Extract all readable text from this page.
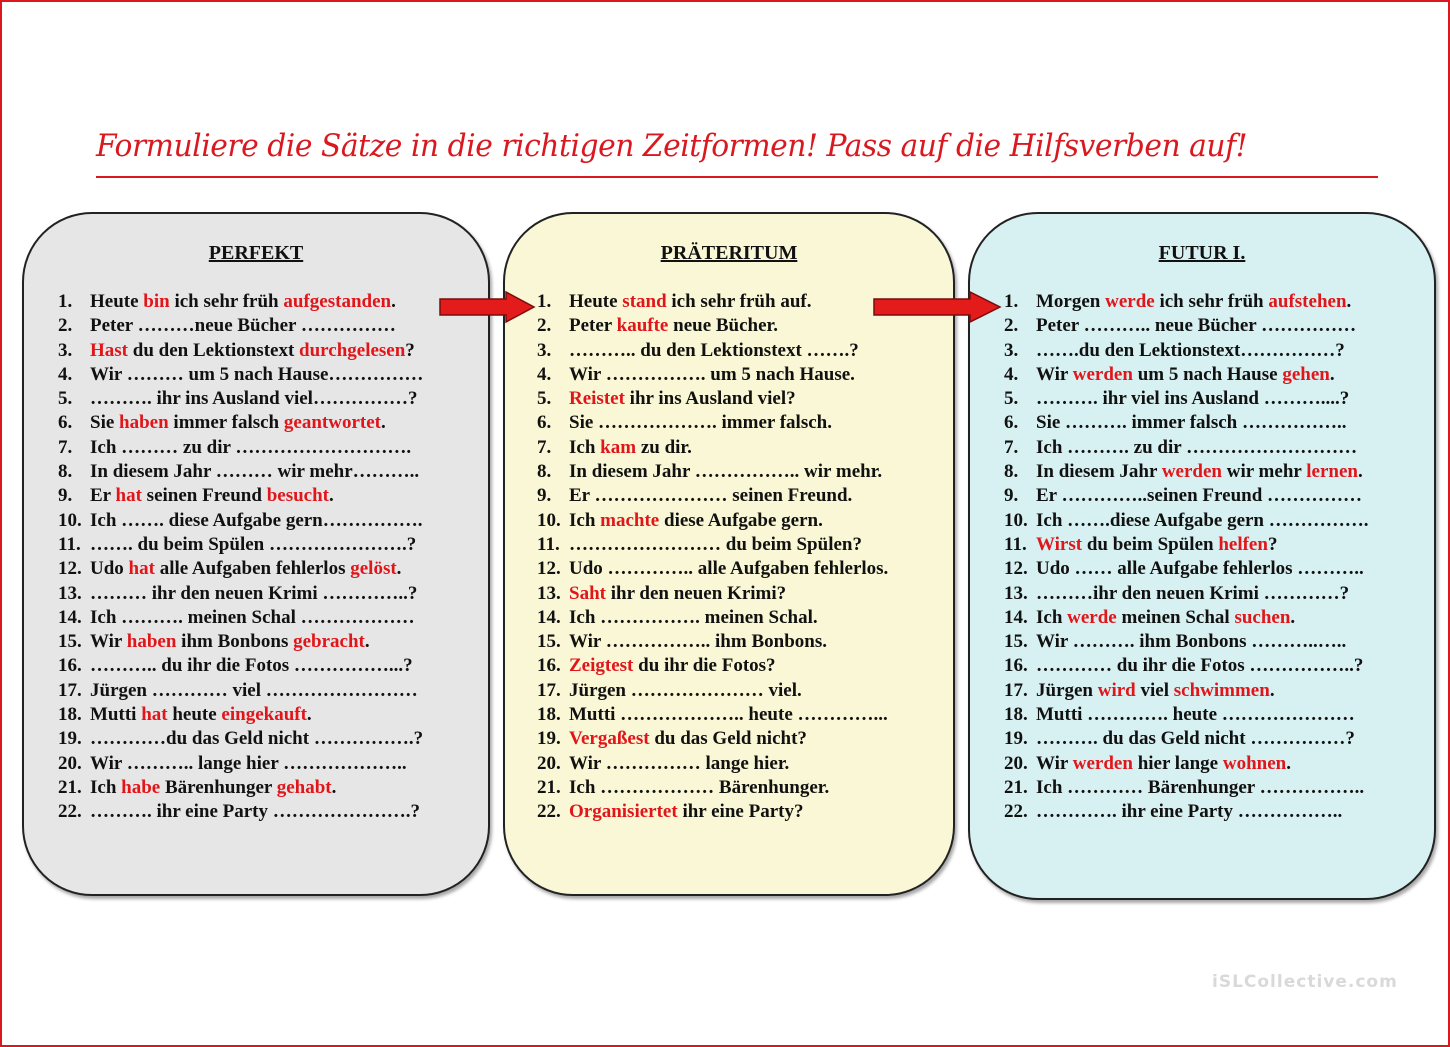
Formuliere die Sätze in die richtigen Zeitformen! Pass auf die Hilfsverben auf!
PERFEKT
1. Heute bin ich sehr früh aufgestanden.
2. Peter ………neue Bücher ……………
3. Hast du den Lektionstext durchgelesen?
4. Wir ……… um 5 nach Hause……………
5. ………. ihr ins Ausland viel……………?
6. Sie haben immer falsch geantwortet.
7. Ich ……… zu dir ……………………….
8. In diesem Jahr ……… wir mehr………..
9. Er hat seinen Freund besucht.
10. Ich ……. diese Aufgabe gern…………….
11. ……. du beim Spülen ………………….?
12. Udo hat alle Aufgaben fehlerlos gelöst.
13. ……… ihr den neuen Krimi …………..?
14. Ich ………. meinen Schal ………………
15. Wir haben ihm Bonbons gebracht.
16. ……….. du ihr die Fotos ……………...?
17. Jürgen ………… viel ……………………
18. Mutti hat heute eingekauft.
19. …………du das Geld nicht …………….?
20. Wir ……….. lange hier ………………..
21. Ich habe Bärenhunger gehabt.
22. ………. ihr eine Party ………………….?
PRÄTERITUM
1. Heute stand ich sehr früh auf.
2. Peter kaufte neue Bücher.
3. ……….. du den Lektionstext …….?
4. Wir ……………. um 5 nach Hause.
5. Reistet ihr ins Ausland viel?
6. Sie ………………. immer falsch.
7. Ich kam zu dir.
8. In diesem Jahr …………….. wir mehr.
9. Er ………………… seinen Freund.
10. Ich machte diese Aufgabe gern.
11. …………………… du beim Spülen?
12. Udo ………….. alle Aufgaben fehlerlos.
13. Saht ihr den neuen Krimi?
14. Ich ……………. meinen Schal.
15. Wir …………….. ihm Bonbons.
16. Zeigtest du ihr die Fotos?
17. Jürgen ………………… viel.
18. Mutti ……………….. heute …………...
19. Vergaßest du das Geld nicht?
20. Wir …………… lange hier.
21. Ich ……………… Bärenhunger.
22. Organisiertet ihr eine Party?
FUTUR I.
1. Morgen werde ich sehr früh aufstehen.
2. Peter ……….. neue Bücher ……………
3. …….du den Lektionstext……………?
4. Wir werden um 5 nach Hause gehen.
5. ………. ihr viel ins Ausland ………....?
6. Sie ………. immer falsch ……………..
7. Ich ………. zu dir ………………………
8. In diesem Jahr werden wir mehr lernen.
9. Er …………..seinen Freund ……………
10. Ich …….diese Aufgabe gern …………….
11. Wirst du beim Spülen helfen?
12. Udo …… alle Aufgabe fehlerlos ………..
13. ………ihr den neuen Krimi …………?
14. Ich werde meinen Schal suchen.
15. Wir ………. ihm Bonbons ………..…..
16. ………… du ihr die Fotos ……………..?
17. Jürgen wird viel schwimmen.
18. Mutti …………. heute …………………
19. ………. du das Geld nicht ……………?
20. Wir werden hier lange wohnen.
21. Ich ………… Bärenhunger ……………..
22. …………. ihr eine Party ……………..
iSLCollective.com
